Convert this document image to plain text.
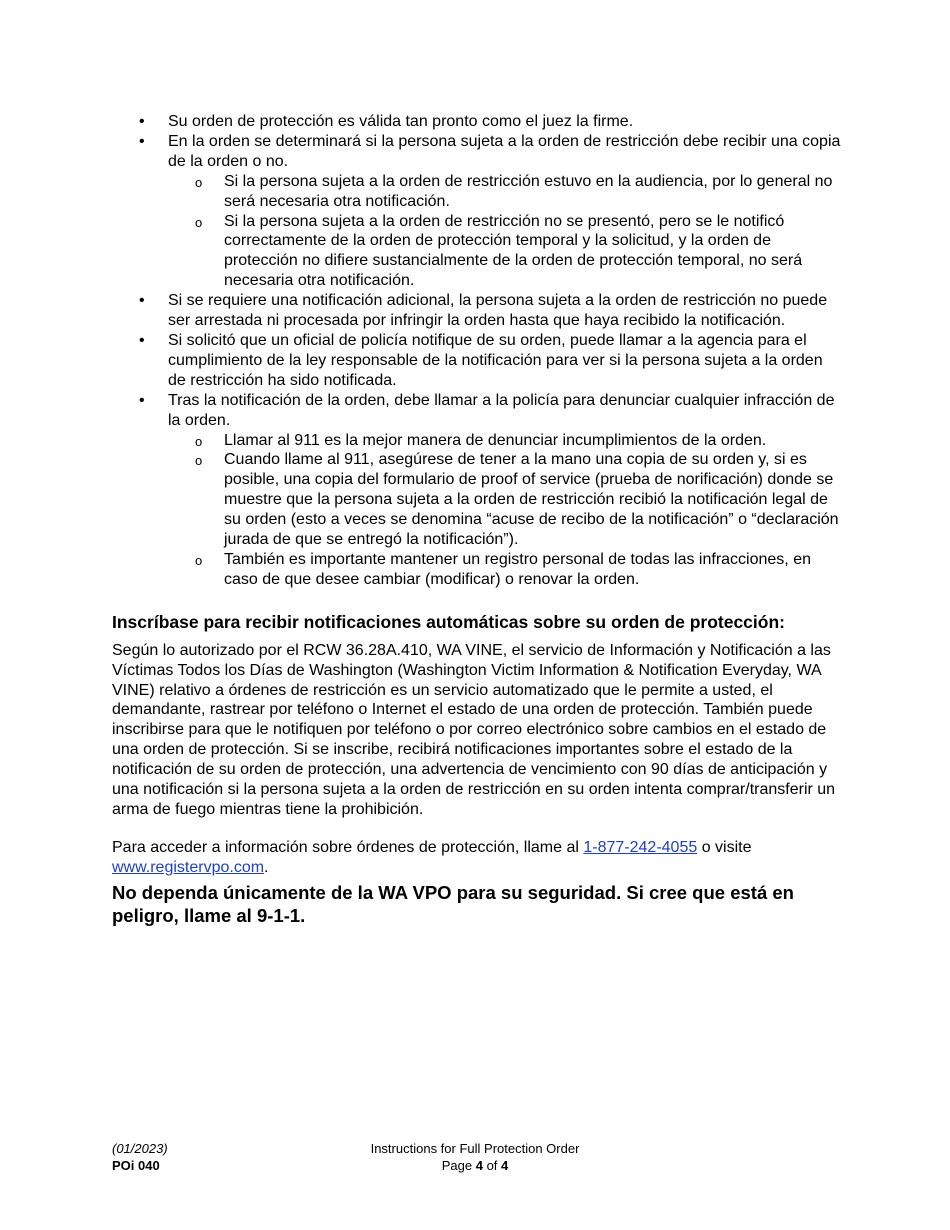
• Su orden de protección es válida tan pronto como el juez la firme.
• En la orden se determinará si la persona sujeta a la orden de restricción debe recibir una copia de la orden o no.
o Si la persona sujeta a la orden de restricción estuvo en la audiencia, por lo general no será necesaria otra notificación.
o Si la persona sujeta a la orden de restricción no se presentó, pero se le notificó correctamente de la orden de protección temporal y la solicitud, y la orden de protección no difiere sustancialmente de la orden de protección temporal, no será necesaria otra notificación.
• Si se requiere una notificación adicional, la persona sujeta a la orden de restricción no puede ser arrestada ni procesada por infringir la orden hasta que haya recibido la notificación.
• Si solicitó que un oficial de policía notifique de su orden, puede llamar a la agencia para el cumplimiento de la ley responsable de la notificación para ver si la persona sujeta a la orden de restricción ha sido notificada.
• Tras la notificación de la orden, debe llamar a la policía para denunciar cualquier infracción de la orden.
o Llamar al 911 es la mejor manera de denunciar incumplimientos de la orden.
o Cuando llame al 911, asegúrese de tener a la mano una copia de su orden y, si es posible, una copia del formulario de proof of service (prueba de norificación) donde se muestre que la persona sujeta a la orden de restricción recibió la notificación legal de su orden (esto a veces se denomina “acuse de recibo de la notificación” o “declaración jurada de que se entregó la notificación”).
o También es importante mantener un registro personal de todas las infracciones, en caso de que desee cambiar (modificar) o renovar la orden.
Inscríbase para recibir notificaciones automáticas sobre su orden de protección:

Según lo autorizado por el RCW 36.28A.410, WA VINE, el servicio de Información y Notificación a las Víctimas Todos los Días de Washington (Washington Victim Information & Notification Everyday, WA VINE) relativo a órdenes de restricción es un servicio automatizado que le permite a usted, el demandante, rastrear por teléfono o Internet el estado de una orden de protección. También puede inscribirse para que le notifiquen por teléfono o por correo electrónico sobre cambios en el estado de una orden de protección. Si se inscribe, recibirá notificaciones importantes sobre el estado de la notificación de su orden de protección, una advertencia de vencimiento con 90 días de anticipación y una notificación si la persona sujeta a la orden de restricción en su orden intenta comprar/transferir un arma de fuego mientras tiene la prohibición.

Para acceder a información sobre órdenes de protección, llame al 1-877-242-4055 o visite www.registervpo.com.

No dependa únicamente de la WA VPO para su seguridad. Si cree que está en peligro, llame al 9-1-1.

(01/2023)
POi 040
Instructions for Full Protection Order
Page 4 of 4
